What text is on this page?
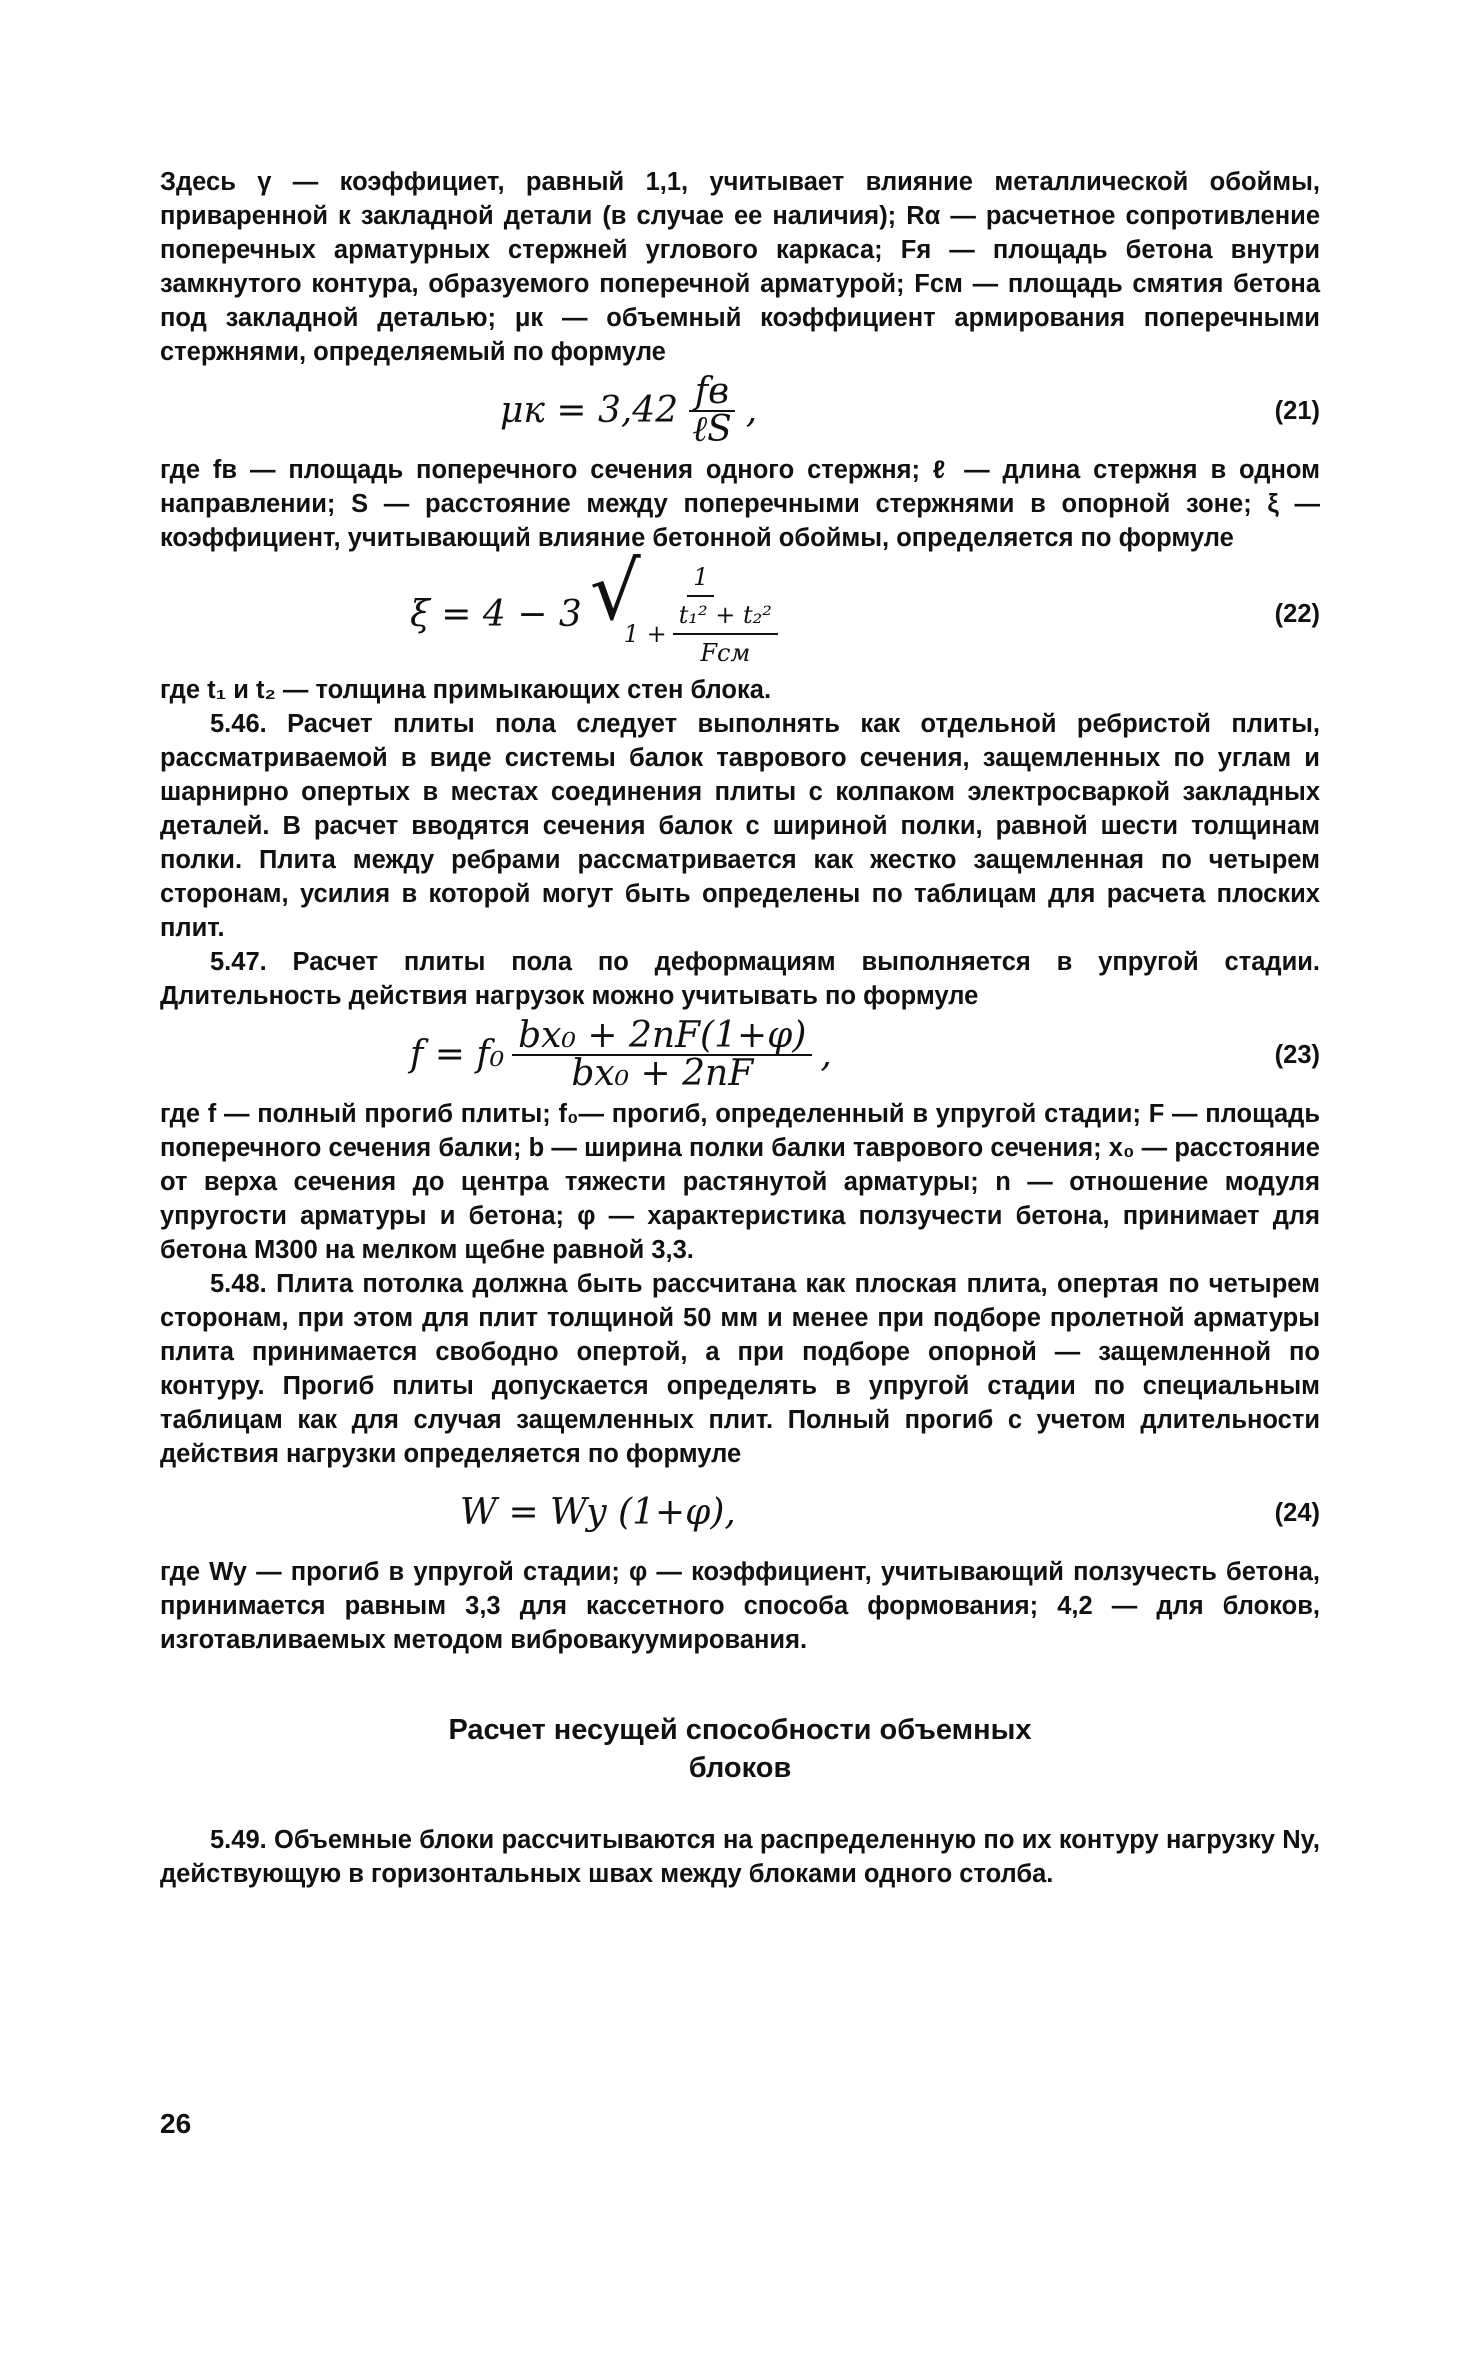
Здесь γ — коэффициет, равный 1,1, учитывает влияние металлической обоймы, приваренной к закладной детали (в случае ее наличия); Rα — расчетное сопротивление поперечных арматурных стержней углового каркаса; Fя — площадь бетона внутри замкнутого контура, образуемого поперечной арматурой; Fсм — площадь смятия бетона под закладной деталью; μк — объемный коэффициент армирования поперечными стержнями, определяемый по формуле

$\mu к = 3,42 \frac{fв}{\text{ℓS}}$ ,	(21)

где fв — площадь поперечного сечения одного стержня; ℓ — длина стержня в одном направлении; S — расстояние между поперечными стержнями в опорной зоне; ξ — коэффициент, учитывающий влияние бетонной обоймы, определяется по формуле

ξ = 4 − 3 √
$\frac{1}{1 + \frac{\text{t₁² + t₂²}}{\text{Fсм}}}$	(22)

где t₁ и t₂ — толщина примыкающих стен блока.

5.46. Расчет плиты пола следует выполнять как отдельной ребристой плиты, рассматриваемой в виде системы балок таврового сечения, защемленных по углам и шарнирно опертых в местах соединения плиты с колпаком электросваркой закладных деталей. В расчет вводятся сечения балок с шириной полки, равной шести толщинам полки. Плита между ребрами рассматривается как жестко защемленная по четырем сторонам, усилия в которой могут быть определены по таблицам для расчета плоских плит.

5.47. Расчет плиты пола по деформациям выполняется в упругой стадии. Длительность действия нагрузок можно учитывать по формуле

$f = f_0 \frac{\text{bx₀ + 2nF(1+φ)}}{\text{bx₀ + 2nF}}$ ,	(23)

где f — полный прогиб плиты; f₀— прогиб, определенный в упругой стадии; F — площадь поперечного сечения балки; b — ширина полки балки таврового сечения; x₀ — расстояние от верха сечения до центра тяжести растянутой арматуры; n — отношение модуля упругости арматуры и бетона; φ — характеристика ползучести бетона, принимает для бетона М300 на мелком щебне равной 3,3.

5.48. Плита потолка должна быть рассчитана как плоская плита, опертая по четырем сторонам, при этом для плит толщиной 50 мм и менее при подборе пролетной арматуры плита принимается свободно опертой, а при подборе опорной — защемленной по контуру. Прогиб плиты допускается определять в упругой стадии по специальным таблицам как для случая защемленных плит. Полный прогиб с учетом длительности действия нагрузки определяется по формуле

W = Wy (1+φ),	(24)

где Wy — прогиб в упругой стадии; φ — коэффициент, учитывающий ползучесть бетона, принимается равным 3,3 для кассетного способа формования; 4,2 — для блоков, изготавливаемых методом вибровакуумирования.

Расчет несущей способности объемных
блоков

5.49. Объемные блоки рассчитываются на распределенную по их контуру нагрузку Ny, действующую в горизонтальных швах между блоками одного столба.

26
